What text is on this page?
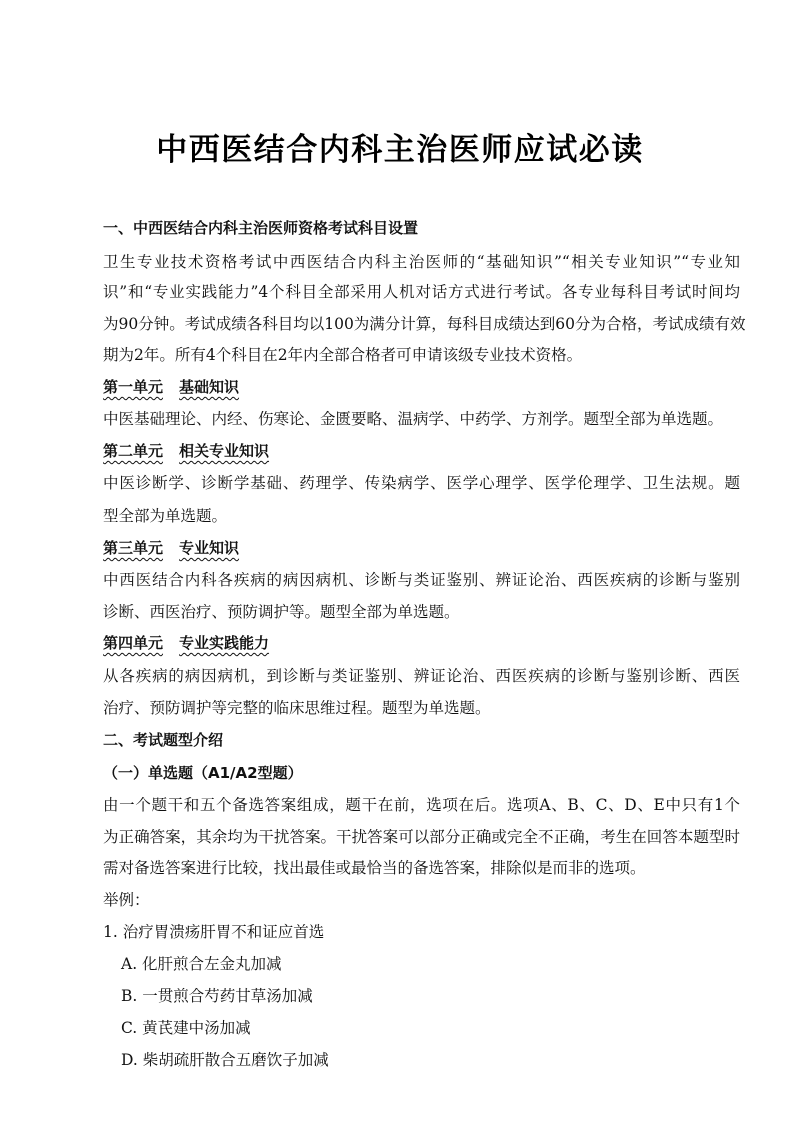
中西医结合内科主治医师应试必读
一、中西医结合内科主治医师资格考试科目设置
卫生专业技术资格考试中西医结合内科主治医师的“基础知识”“相关专业知识”“专业知
识”和“专业实践能力”4个科目全部采用人机对话方式进行考试。各专业每科目考试时间均
为90分钟。考试成绩各科目均以100为满分计算，每科目成绩达到60分为合格，考试成绩有效
期为2年。所有4个科目在2年内全部合格者可申请该级专业技术资格。
第一单元 基础知识
中医基础理论、内经、伤寒论、金匮要略、温病学、中药学、方剂学。题型全部为单选题。
第二单元 相关专业知识
中医诊断学、诊断学基础、药理学、传染病学、医学心理学、医学伦理学、卫生法规。题
型全部为单选题。
第三单元 专业知识
中西医结合内科各疾病的病因病机、诊断与类证鉴别、辨证论治、西医疾病的诊断与鉴别
诊断、西医治疗、预防调护等。题型全部为单选题。
第四单元 专业实践能力
从各疾病的病因病机，到诊断与类证鉴别、辨证论治、西医疾病的诊断与鉴别诊断、西医
治疗、预防调护等完整的临床思维过程。题型为单选题。
二、考试题型介绍
（一）单选题（A1/A2型题）
由一个题干和五个备选答案组成，题干在前，选项在后。选项A、B、C、D、E中只有1个
为正确答案，其余均为干扰答案。干扰答案可以部分正确或完全不正确，考生在回答本题型时
需对备选答案进行比较，找出最佳或最恰当的备选答案，排除似是而非的选项。
举例：
1. 治疗胃溃疡肝胃不和证应首选
A. 化肝煎合左金丸加减
B. 一贯煎合芍药甘草汤加减
C. 黄芪建中汤加减
D. 柴胡疏肝散合五磨饮子加减
